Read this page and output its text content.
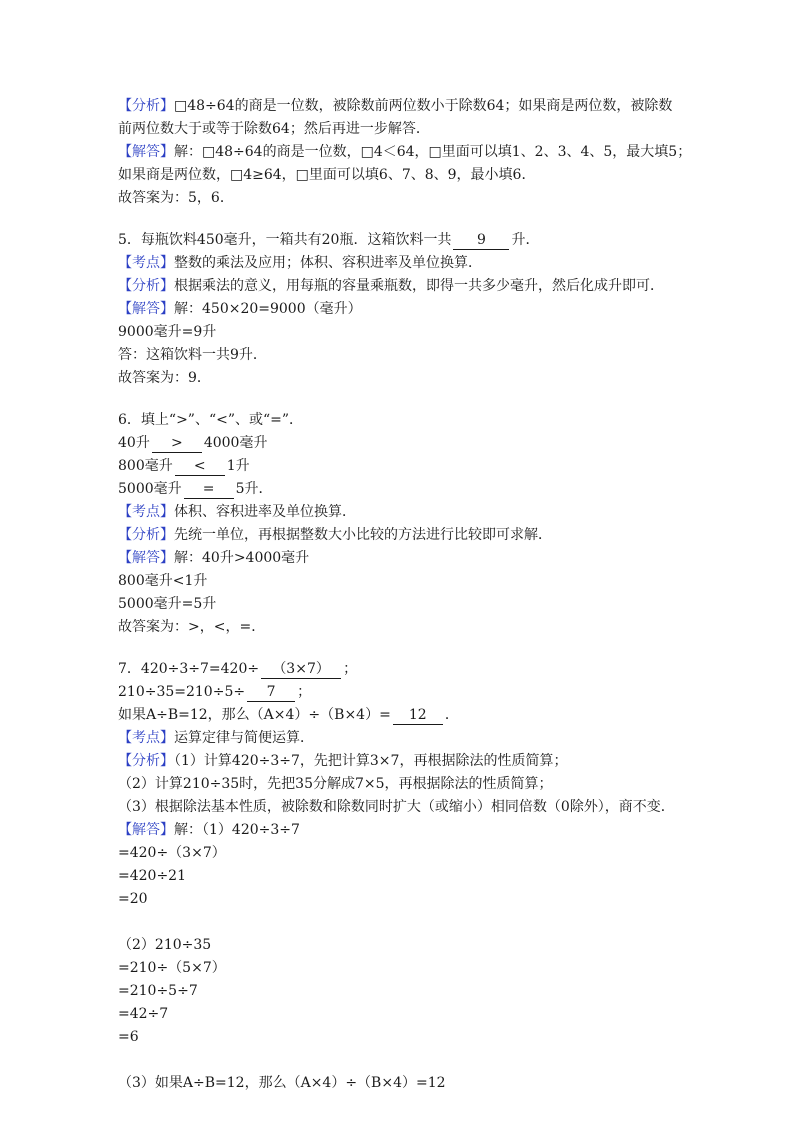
【分析】□48÷64的商是一位数，被除数前两位数小于除数64；如果商是两位数，被除数
前两位数大于或等于除数64；然后再进一步解答．
【解答】解：□48÷64的商是一位数，□4＜64，□里面可以填1、2、3、4、5，最大填5；
如果商是两位数，□4≥64，□里面可以填6、7、8、9，最小填6．
故答案为：5，6．
5．每瓶饮料450毫升，一箱共有20瓶．这箱饮料一共 9 升．
【考点】整数的乘法及应用；体积、容积进率及单位换算．
【分析】根据乘法的意义，用每瓶的容量乘瓶数，即得一共多少毫升，然后化成升即可．
【解答】解：450×20=9000（毫升）
9000毫升=9升
答：这箱饮料一共9升．
故答案为：9．
6．填上“>”、“<”、或“=”．
40升 > 4000毫升
800毫升 < 1升
5000毫升 = 5升．
【考点】体积、容积进率及单位换算．
【分析】先统一单位，再根据整数大小比较的方法进行比较即可求解．
【解答】解：40升>4000毫升
800毫升<1升
5000毫升=5升
故答案为：>，<，=．
7．420÷3÷7=420÷ （3×7） ；
210÷35=210÷5÷ 7 ；
如果A÷B=12，那么（A×4）÷（B×4）= 12 ．
【考点】运算定律与简便运算．
【分析】（1）计算420÷3÷7，先把计算3×7，再根据除法的性质简算；
（2）计算210÷35时，先把35分解成7×5，再根据除法的性质简算；
（3）根据除法基本性质，被除数和除数同时扩大（或缩小）相同倍数（0除外），商不变．
【解答】解：（1）420÷3÷7
=420÷（3×7）
=420÷21
=20
（2）210÷35
=210÷（5×7）
=210÷5÷7
=42÷7
=6
（3）如果A÷B=12，那么（A×4）÷（B×4）=12
